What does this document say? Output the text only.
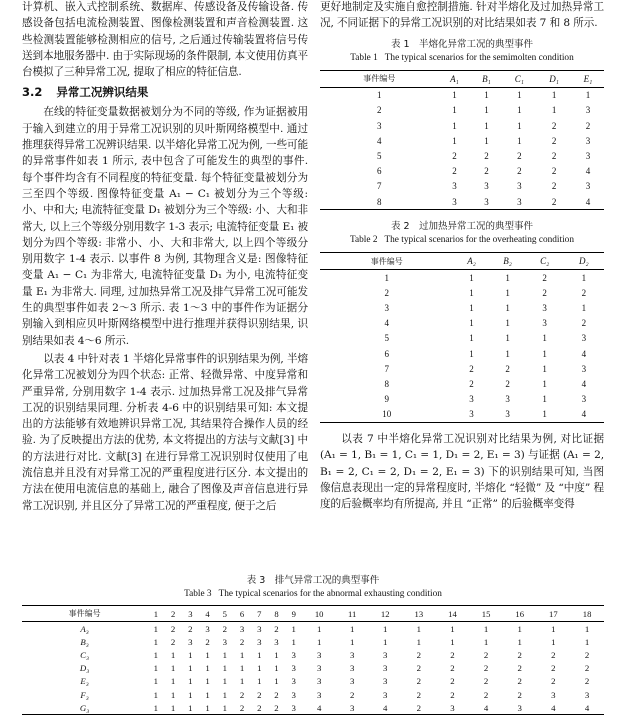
计算机、嵌入式控制系统、数据库、传感设备及传输设备. 传感设备包括电流检测装置、图像检测装置和声音检测装置. 这些检测装置能够检测相应的信号, 之后通过传输装置将信号传送到本地服务器中. 由于实际现场的条件限制, 本文使用仿真平台模拟了三种异常工况, 提取了相应的特征信息.

3.2 异常工况辨识结果

在线的特征变量数据被划分为不同的等级, 作为证据被用于输入到建立的用于异常工况识别的贝叶斯网络模型中. 通过推理获得异常工况辨识结果. 以半熔化异常工况为例, 一些可能的异常事件如表 1 所示, 表中包含了可能发生的典型的事件. 每个事件均含有不同程度的特征变量. 每个特征变量被划分为三至四个等级. 图像特征变量 A₁ − C₁ 被划分为三个等级: 小、中和大; 电流特征变量 D₁ 被划分为三个等级: 小、大和非常大, 以上三个等级分别用数字 1-3 表示; 电流特征变量 E₁ 被划分为四个等级: 非常小、小、大和非常大, 以上四个等级分别用数字 1-4 表示. 以事件 8 为例, 其物理含义是: 图像特征变量 A₁ − C₁ 为非常大, 电流特征变量 D₁ 为小, 电流特征变量 E₁ 为非常大. 同理, 过加热异常工况及排气异常工况可能发生的典型事件如表 2～3 所示. 表 1～3 中的事件作为证据分别输入到相应贝叶斯网络模型中进行推理并获得识别结果, 识别结果如表 4～6 所示.

以表 4 中针对表 1 半熔化异常事件的识别结果为例, 半熔化异常工况被划分为四个状态: 正常、轻微异常、中度异常和严重异常, 分别用数字 1-4 表示. 过加热异常工况及排气异常工况的识别结果同理. 分析表 4-6 中的识别结果可知: 本文提出的方法能够有效地辨识异常工况, 其结果符合操作人员的经验. 为了反映提出方法的优势, 本文将提出的方法与文献[3] 中的方法进行对比. 文献[3] 在进行异常工况识别时仅使用了电流信息并且没有对异常工况的严重程度进行区分. 本文提出的方法在使用电流信息的基础上, 融合了图像及声音信息进行异常工况识别, 并且区分了异常工况的严重程度, 便于之后

更好地制定及实施自愈控制措施. 针对半熔化及过加热异常工况, 不同证据下的异常工况识别的对比结果如表 7 和 8 所示.

表 1　半熔化异常工况的典型事件

Table 1 The typical scenarios for the semimolten condition

事件编号	A₁	B₁	C₁	D₁	E₁
1	1	1	1	1	1
2	1	1	1	1	3
3	1	1	1	2	2
4	1	1	1	2	3
5	2	2	2	2	3
6	2	2	2	2	4
7	3	3	3	2	3
8	3	3	3	2	4

表 2　过加热异常工况的典型事件

Table 2 The typical scenarios for the overheating condition

事件编号	A₂	B₂	C₂	D₂
1	1	1	2	1
2	1	1	2	2
3	1	1	3	1
4	1	1	3	2
5	1	1	1	3
6	1	1	1	4
7	2	2	1	3
8	2	2	1	4
9	3	3	1	3
10	3	3	1	4

以表 7 中半熔化异常工况识别对比结果为例, 对比证据 (A₁ = 1, B₁ = 1, C₁ = 1, D₁ = 2, E₁ = 3) 与证据 (A₁ = 2, B₁ = 2, C₁ = 2, D₁ = 2, E₁ = 3) 下的识别结果可知, 当图像信息表现出一定的异常程度时, 半熔化 “轻微” 及 “中度” 程度的后验概率均有所提高, 并且 “正常” 的后验概率变得

表 3　排气异常工况的典型事件

Table 3 The typical scenarios for the abnormal exhausting condition

事件编号	1	2	3	4	5	6	7	8	9	10	11	12	13	14	15	16	17	18
A₃	1	2	2	3	2	3	3	2	1	1	1	1	1	1	1	1	1	1
B₃	1	2	3	2	3	2	3	3	1	1	1	1	1	1	1	1	1	1
C₃	1	1	1	1	1	1	1	1	3	3	3	3	2	2	2	2	2	2
D₃	1	1	1	1	1	1	1	1	3	3	3	3	2	2	2	2	2	2
E₃	1	1	1	1	1	1	1	1	3	3	3	3	2	2	2	2	2	2
F₃	1	1	1	1	1	2	2	2	3	3	2	3	2	2	2	2	3	3
G₃	1	1	1	1	1	2	2	2	3	4	3	4	2	3	4	3	4	4
